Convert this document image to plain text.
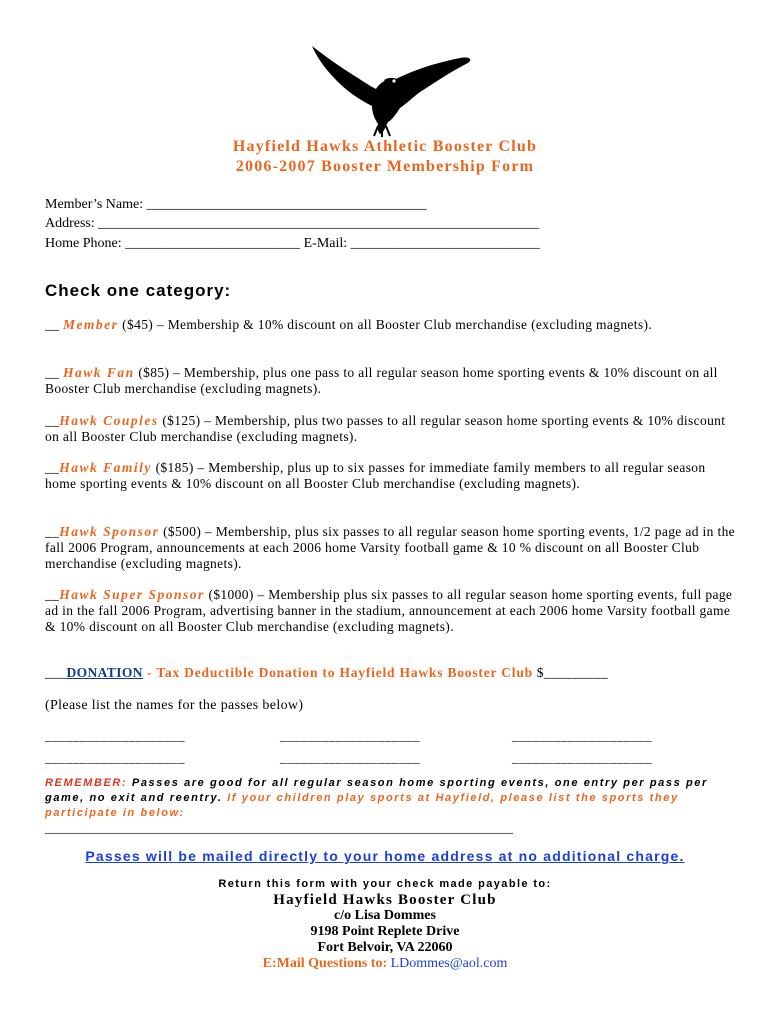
Hayfield Hawks Athletic Booster Club
2006-2007 Booster Membership Form
Member’s Name: ________________________________________
Address: _______________________________________________________________
Home Phone: _________________________ E-Mail: ___________________________
Check one category:
__ Member ($45) – Membership & 10% discount on all Booster Club merchandise (excluding magnets).
__ Hawk Fan ($85) – Membership, plus one pass to all regular season home sporting events & 10% discount on all Booster Club merchandise (excluding magnets).
__Hawk Couples ($125) – Membership, plus two passes to all regular season home sporting events & 10% discount on all Booster Club merchandise (excluding magnets).
__Hawk Family ($185) – Membership, plus up to six passes for immediate family members to all regular season home sporting events & 10% discount on all Booster Club merchandise (excluding magnets).
__Hawk Sponsor ($500) – Membership, plus six passes to all regular season home sporting events, 1/2 page ad in the fall 2006 Program, announcements at each 2006 home Varsity football game & 10 % discount on all Booster Club merchandise (excluding magnets).
__Hawk Super Sponsor ($1000) – Membership plus six passes to all regular season home sporting events, full page ad in the fall 2006 Program, advertising banner in the stadium, announcement at each 2006 home Varsity football game & 10% discount on all Booster Club merchandise (excluding magnets).
___DONATION - Tax Deductible Donation to Hayfield Hawks Booster Club $_________
(Please list the names for the passes below)
____________________	____________________	____________________
____________________	____________________	____________________
REMEMBER: Passes are good for all regular season home sporting events, one entry per pass per game, no exit and reentry. If your children play sports at Hayfield, please list the sports they participate in below:
________________________________________________________________________
Passes will be mailed directly to your home address at no additional charge.
Return this form with your check made payable to:
Hayfield Hawks Booster Club
c/o Lisa Dommes
9198 Point Replete Drive
Fort Belvoir, VA 22060
E:Mail Questions to: LDommes@aol.com
